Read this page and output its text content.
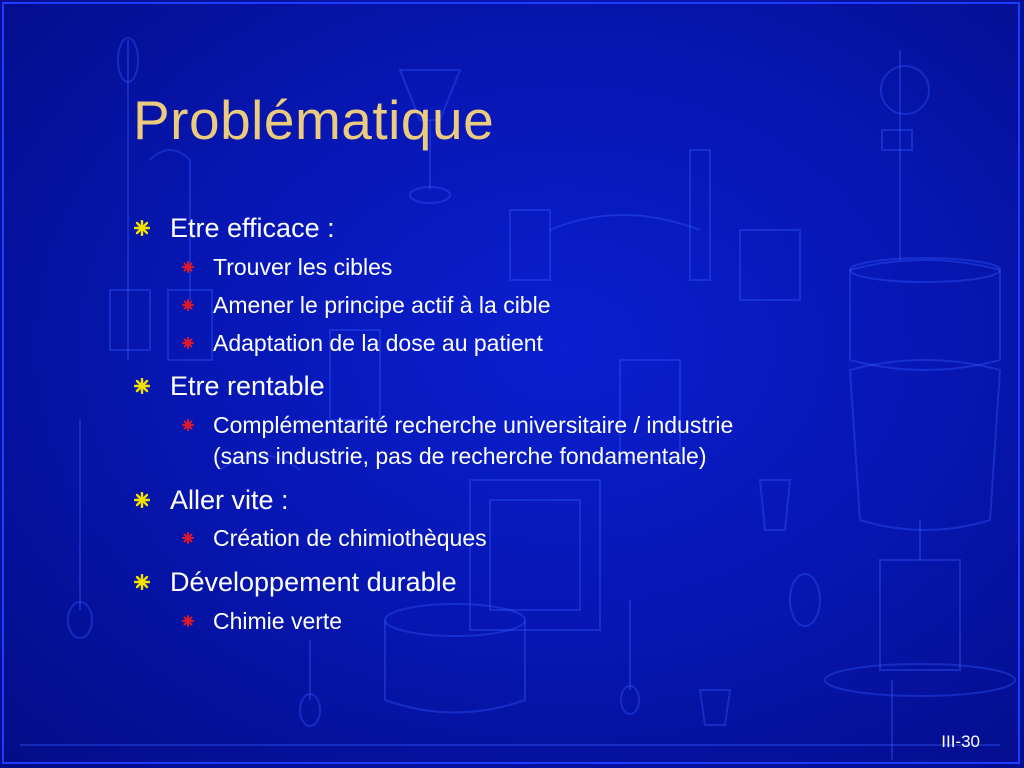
Problématique
Etre efficace :
Trouver les cibles
Amener le principe actif à la cible
Adaptation de la dose au patient
Etre rentable
Complémentarité recherche universitaire / industrie
(sans industrie, pas de recherche fondamentale)
Aller vite :
Création de chimiothèques
Développement durable
Chimie verte
III-30
